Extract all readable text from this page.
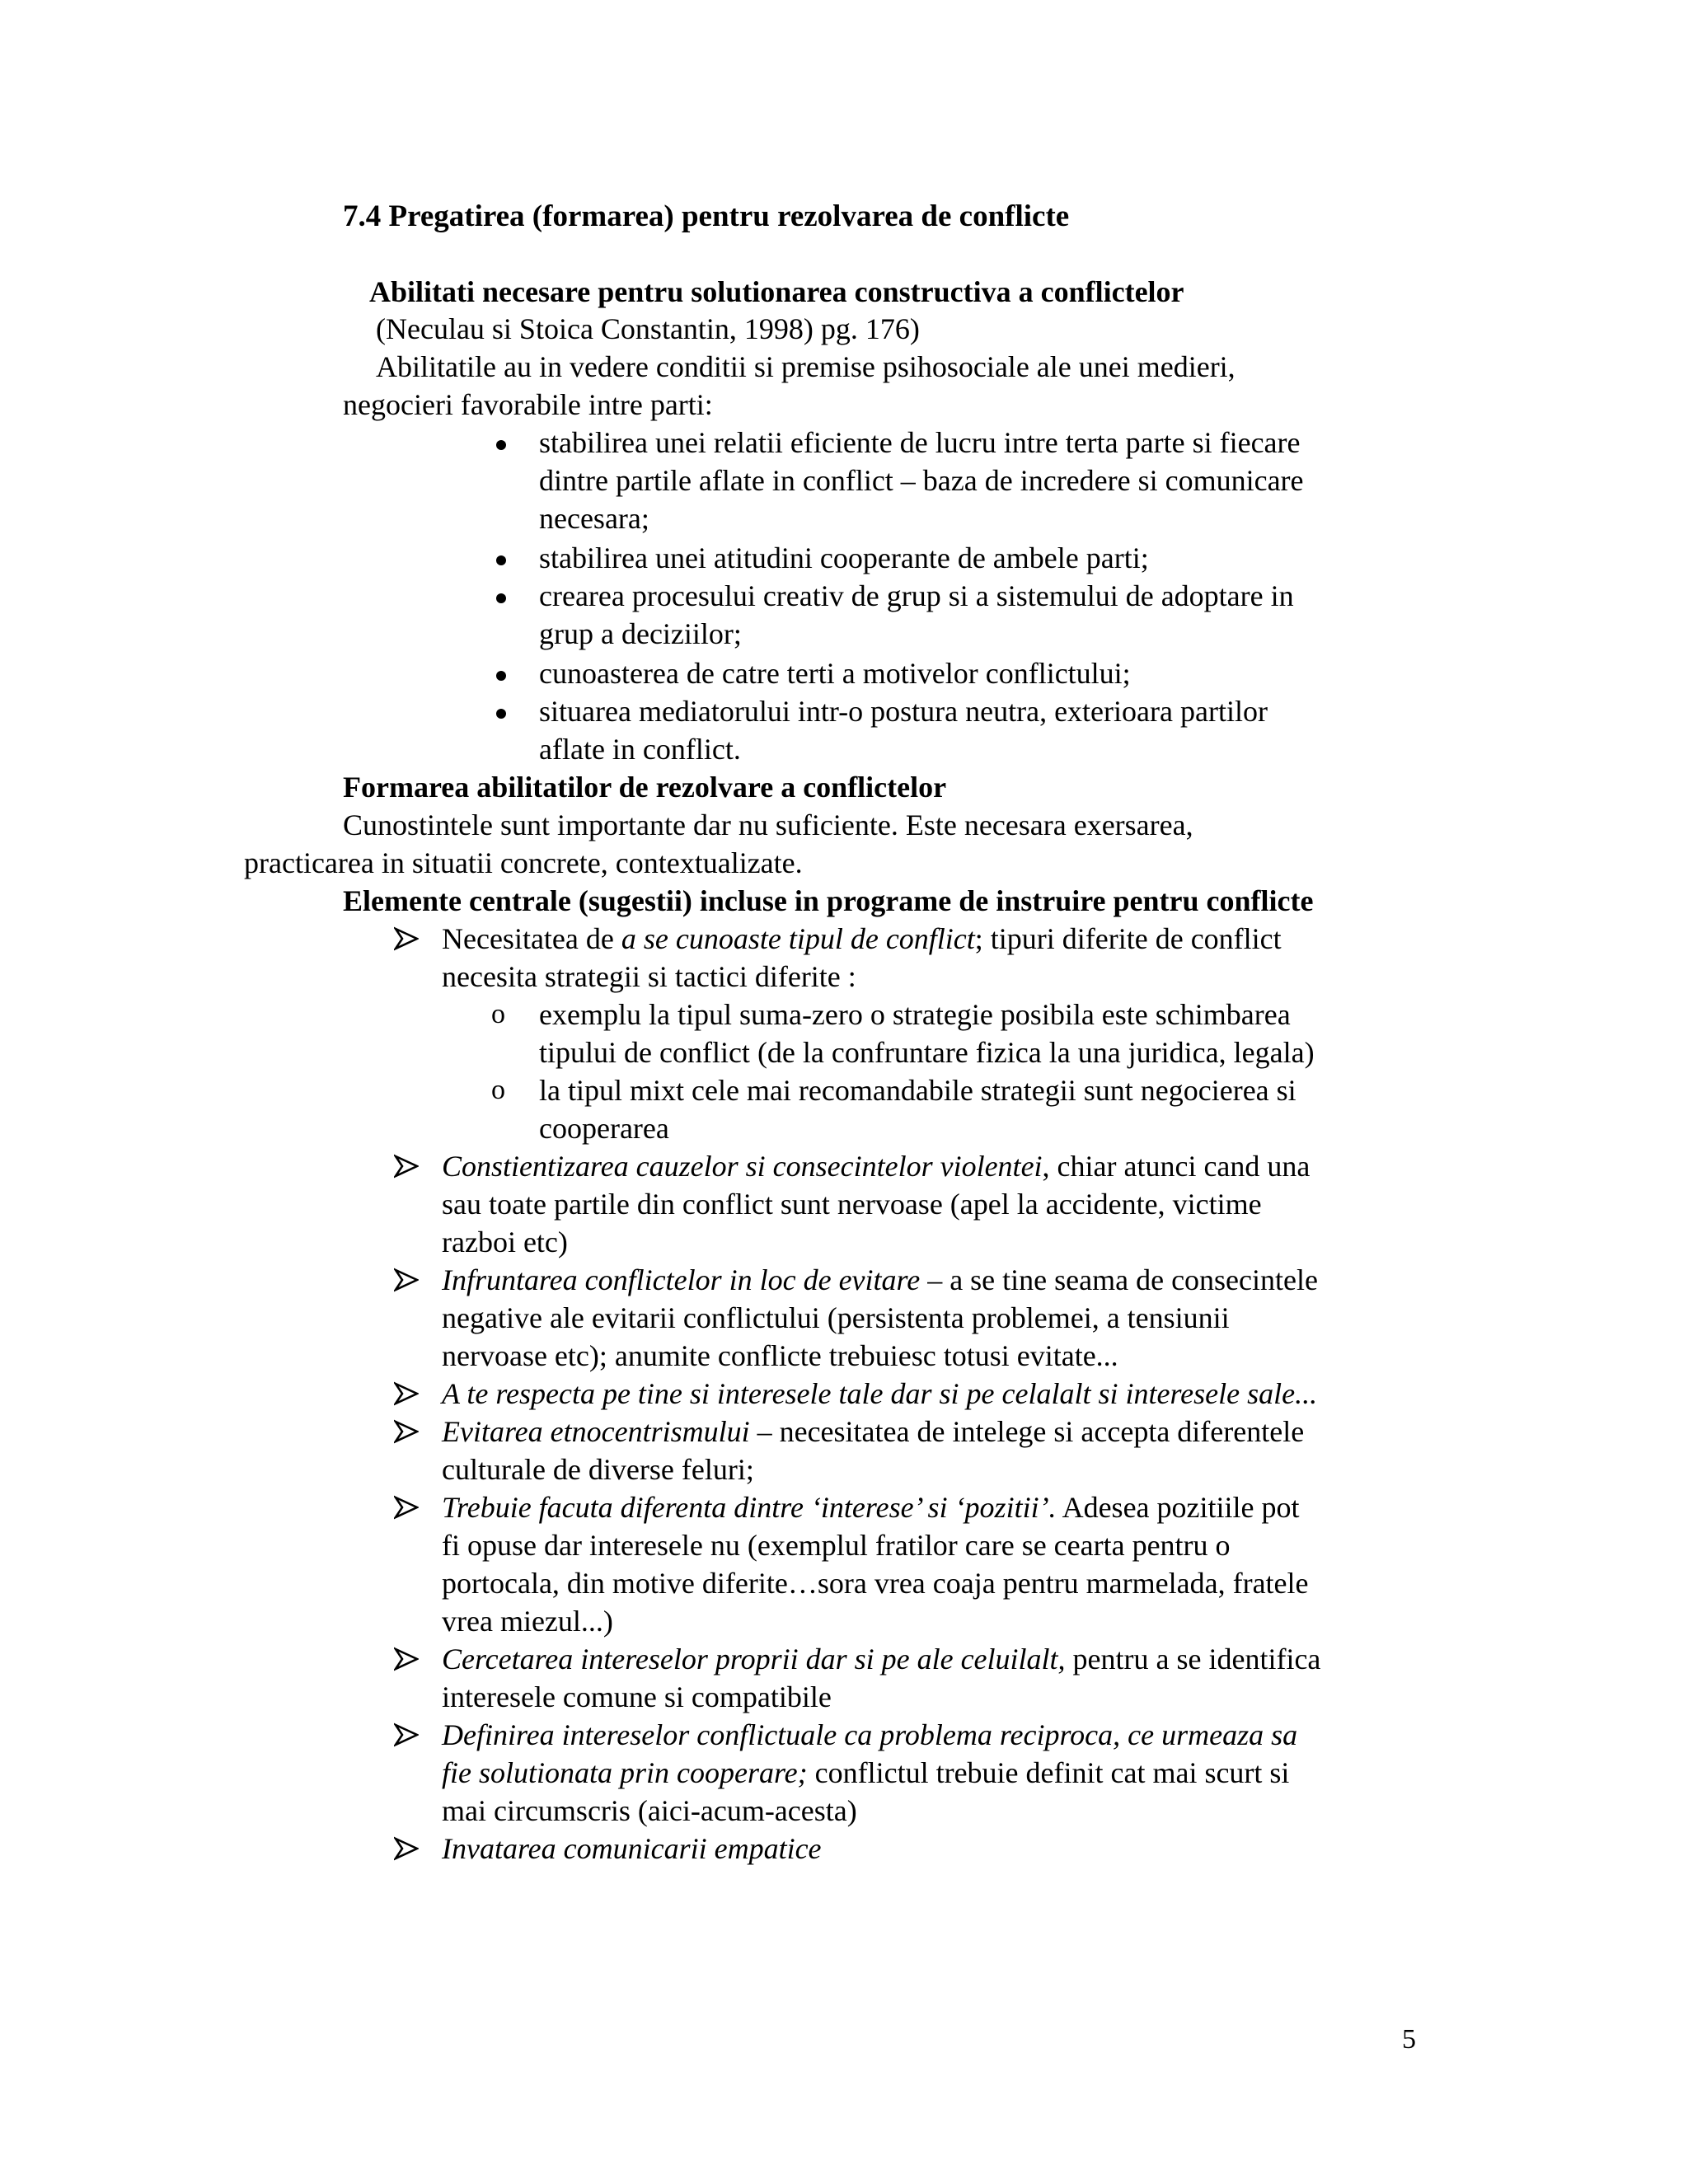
7.4 Pregatirea (formarea) pentru rezolvarea de conflicte
Abilitati necesare pentru solutionarea constructiva a conflictelor
(Neculau si Stoica Constantin, 1998) pg. 176)
Abilitatile au in vedere conditii si premise psihosociale ale unei medieri,
negocieri favorabile intre parti:
stabilirea unei relatii eficiente de lucru intre terta parte si fiecare
dintre partile aflate in conflict – baza de incredere si comunicare
necesara;
stabilirea unei atitudini cooperante de ambele parti;
crearea procesului creativ de grup si a sistemului de adoptare in
grup a deciziilor;
cunoasterea de catre terti a motivelor conflictului;
situarea mediatorului intr-o postura neutra, exterioara partilor
aflate in conflict.
Formarea abilitatilor de rezolvare a conflictelor
Cunostintele sunt importante dar nu suficiente. Este necesara exersarea,
practicarea in situatii concrete, contextualizate.
Elemente centrale (sugestii) incluse in programe de instruire pentru conflicte
Necesitatea de a se cunoaste tipul de conflict; tipuri diferite de conflict
necesita strategii si tactici diferite :
o exemplu la tipul suma-zero o strategie posibila este schimbarea
tipului de conflict (de la confruntare fizica la una juridica, legala)
o la tipul mixt cele mai recomandabile strategii sunt negocierea si
cooperarea
Constientizarea cauzelor si consecintelor violentei, chiar atunci cand una
sau toate partile din conflict sunt nervoase (apel la accidente, victime
razboi etc)
Infruntarea conflictelor in loc de evitare – a se tine seama de consecintele
negative ale evitarii conflictului (persistenta problemei, a tensiunii
nervoase etc); anumite conflicte trebuiesc totusi evitate...
A te respecta pe tine si interesele tale dar si pe celalalt si interesele sale...
Evitarea etnocentrismului – necesitatea de intelege si accepta diferentele
culturale de diverse feluri;
Trebuie facuta diferenta dintre ‘interese’ si ‘pozitii’. Adesea pozitiile pot
fi opuse dar interesele nu (exemplul fratilor care se cearta pentru o
portocala, din motive diferite…sora vrea coaja pentru marmelada, fratele
vrea miezul...)
Cercetarea intereselor proprii dar si pe ale celuilalt, pentru a se identifica
interesele comune si compatibile
Definirea intereselor conflictuale ca problema reciproca, ce urmeaza sa
fie solutionata prin cooperare; conflictul trebuie definit cat mai scurt si
mai circumscris (aici-acum-acesta)
Invatarea comunicarii empatice
5
